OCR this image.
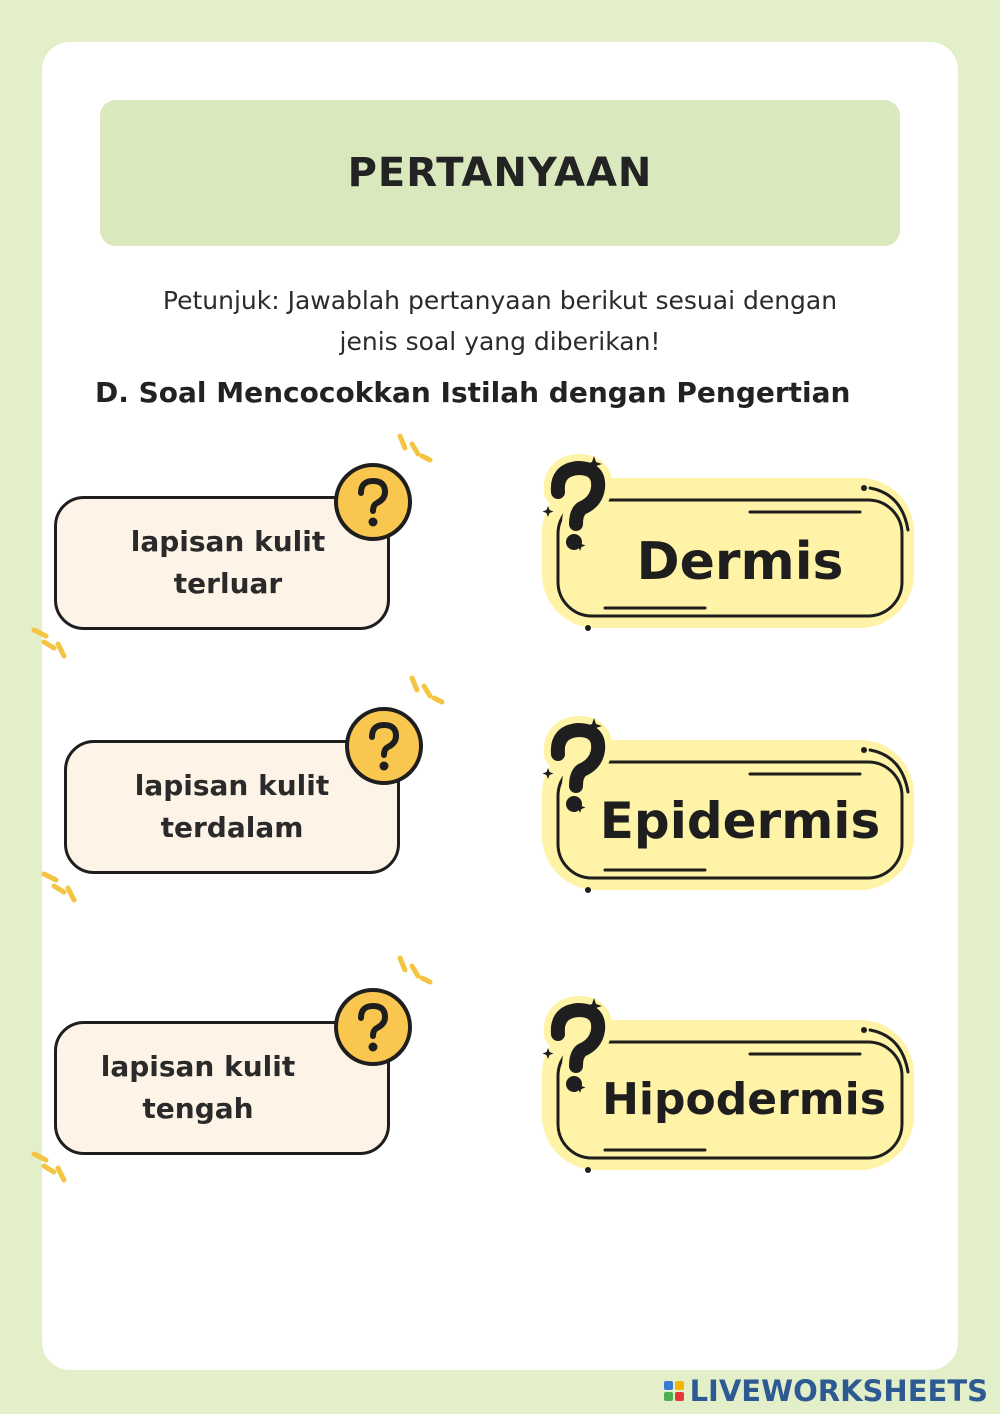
PERTANYAAN
Petunjuk: Jawablah pertanyaan berikut sesuai dengan
jenis soal yang diberikan!
D. Soal Mencocokkan Istilah dengan Pengertian
lapisan kulit
terluar
lapisan kulit
terdalam
lapisan kulit
tengah
Dermis
Epidermis
Hipodermis
LIVEWORKSHEETS
